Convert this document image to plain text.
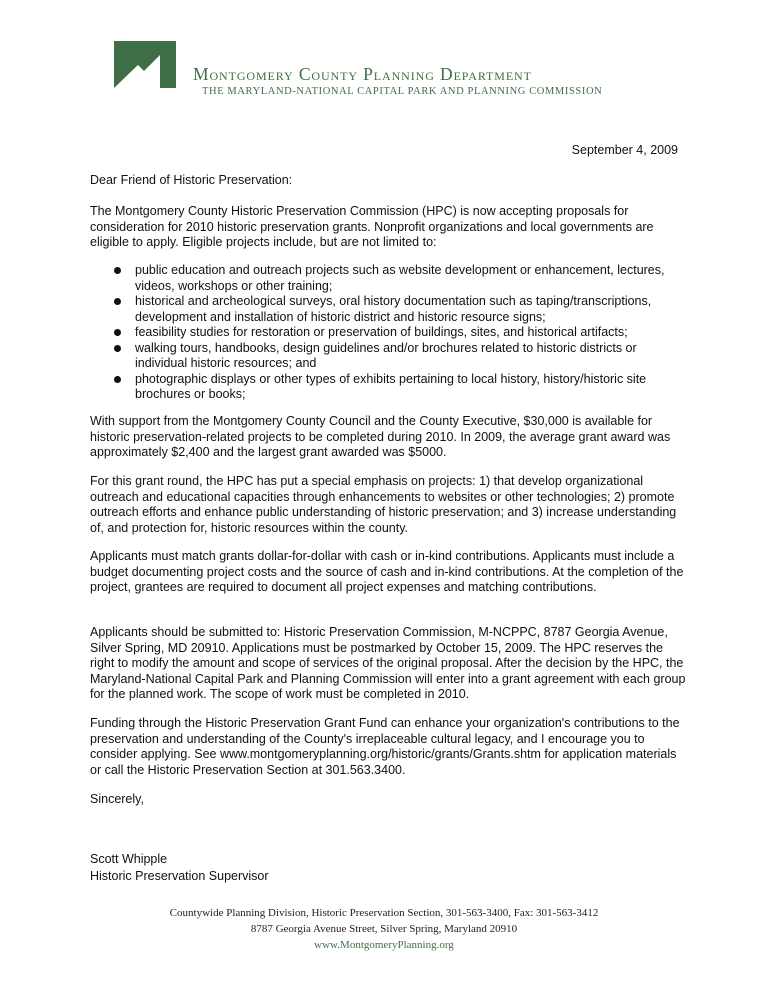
Montgomery County Planning Department
THE MARYLAND-NATIONAL CAPITAL PARK AND PLANNING COMMISSION
September 4, 2009

Dear Friend of Historic Preservation:

The Montgomery County Historic Preservation Commission (HPC) is now accepting proposals for consideration for 2010 historic preservation grants. Nonprofit organizations and local governments are eligible to apply. Eligible projects include, but are not limited to:

public education and outreach projects such as website development or enhancement, lectures, videos, workshops or other training;
historical and archeological surveys, oral history documentation such as taping/transcriptions, development and installation of historic district and historic resource signs;
feasibility studies for restoration or preservation of buildings, sites, and historical artifacts;
walking tours, handbooks, design guidelines and/or brochures related to historic districts or individual historic resources; and
photographic displays or other types of exhibits pertaining to local history, history/historic site brochures or books;

With support from the Montgomery County Council and the County Executive, $30,000 is available for historic preservation-related projects to be completed during 2010. In 2009, the average grant award was approximately $2,400 and the largest grant awarded was $5000.

For this grant round, the HPC has put a special emphasis on projects: 1) that develop organizational outreach and educational capacities through enhancements to websites or other technologies; 2) promote outreach efforts and enhance public understanding of historic preservation; and 3) increase understanding of, and protection for, historic resources within the county.

Applicants must match grants dollar-for-dollar with cash or in-kind contributions. Applicants must include a budget documenting project costs and the source of cash and in-kind contributions. At the completion of the project, grantees are required to document all project expenses and matching contributions.

Applicants should be submitted to: Historic Preservation Commission, M-NCPPC, 8787 Georgia Avenue, Silver Spring, MD 20910. Applications must be postmarked by October 15, 2009. The HPC reserves the right to modify the amount and scope of services of the original proposal. After the decision by the HPC, the Maryland-National Capital Park and Planning Commission will enter into a grant agreement with each group for the planned work. The scope of work must be completed in 2010.

Funding through the Historic Preservation Grant Fund can enhance your organization's contributions to the preservation and understanding of the County's irreplaceable cultural legacy, and I encourage you to consider applying. See www.montgomeryplanning.org/historic/grants/Grants.shtm for application materials or call the Historic Preservation Section at 301.563.3400.

Sincerely,

Scott Whipple

Historic Preservation Supervisor

Countywide Planning Division, Historic Preservation Section, 301-563-3400, Fax: 301-563-3412
8787 Georgia Avenue Street, Silver Spring, Maryland 20910
www.MontgomeryPlanning.org
